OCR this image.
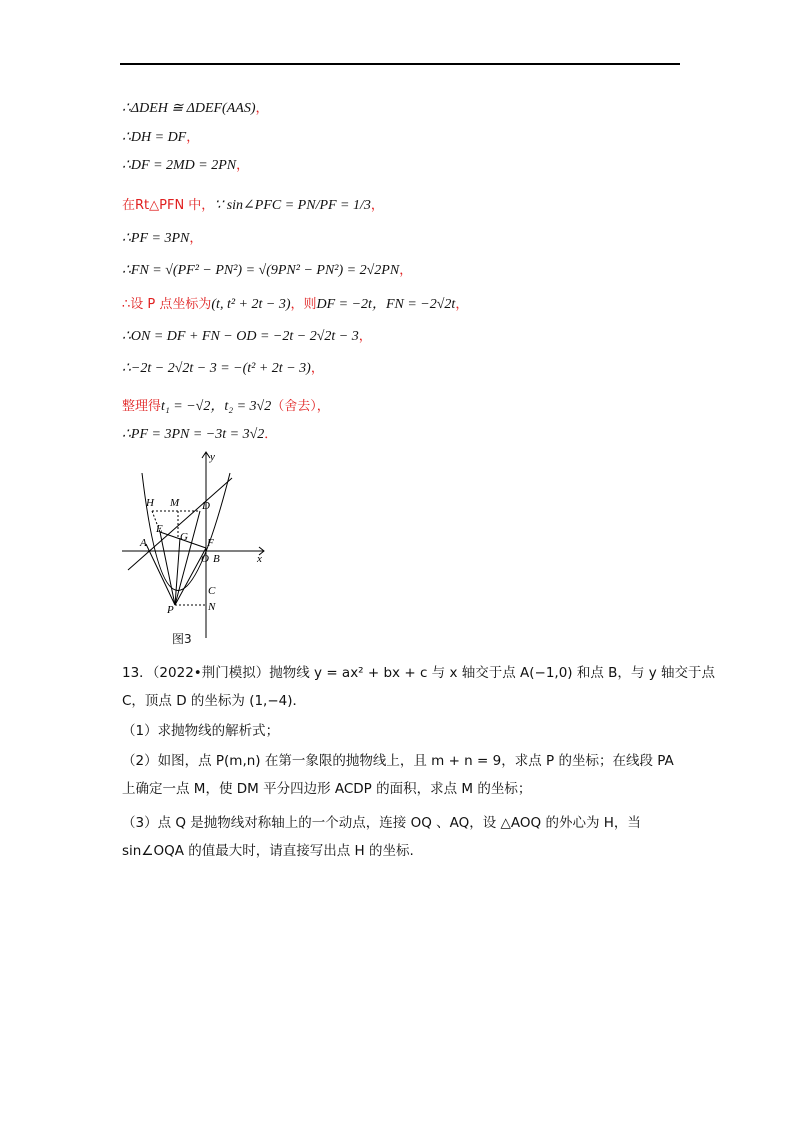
∴ΔDEH ≅ ΔDEF(AAS)，
∴DH = DF，
∴DF = 2MD = 2PN，
在Rt△PFN 中，∵ sin∠PFC = PN/PF = 1/3，
∴PF = 3PN，
∴FN = √(PF² − PN²) = √(9PN² − PN²) = 2√2PN，
∴设 P 点坐标为(t, t² + 2t − 3)，则DF = −2t，FN = −2√2t，
∴ON = DF + FN − OD = −2t − 2√2t − 3，
∴−2t − 2√2t − 3 = −(t² + 2t − 3)，
整理得t₁ = −√2，t₂ = 3√2（舍去），
∴PF = 3PN = −3t = 3√2．
y
x
H M D
E
A	G F
O B
C
P	N
图3
13．（2022•荆门模拟）抛物线 y = ax² + bx + c 与 x 轴交于点 A(−1,0) 和点 B，与 y 轴交于点
C，顶点 D 的坐标为 (1,−4)．
（1）求抛物线的解析式；
（2）如图，点 P(m,n) 在第一象限的抛物线上，且 m + n = 9，求点 P 的坐标；在线段 PA
上确定一点 M，使 DM 平分四边形 ACDP 的面积，求点 M 的坐标；
（3）点 Q 是抛物线对称轴上的一个动点，连接 OQ 、AQ，设 △AOQ 的外心为 H，当
sin∠OQA 的值最大时，请直接写出点 H 的坐标.
